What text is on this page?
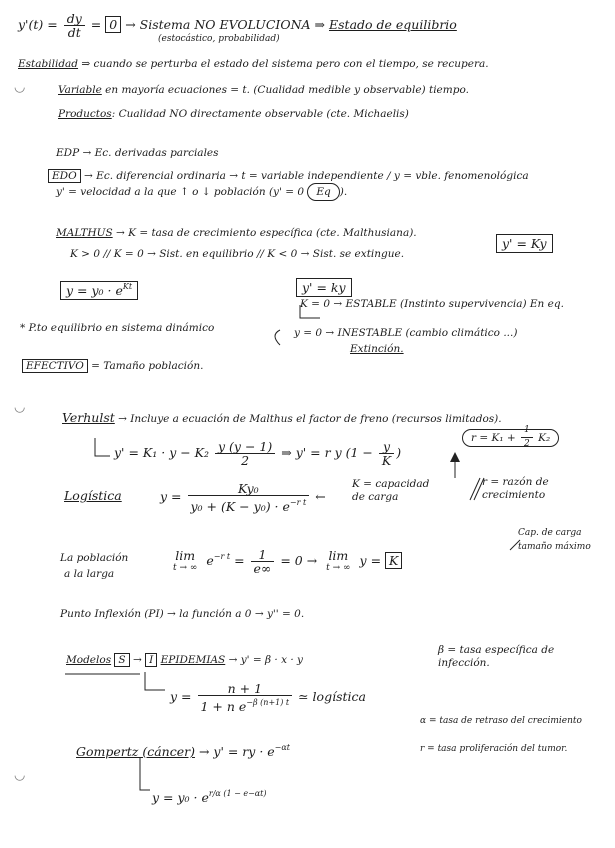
◡
◡
◡
$y'(t) = \frac{dy}{dt} = 0$ → Sistema NO EVOLUCIONA ⇒ Estado de equilibrio
(estocástico, probabilidad)
Estabilidad ⇒ cuando se perturba el estado del sistema pero con el tiempo, se recupera.
Variable en mayoría ecuaciones = t. (Cualidad medible y observable) tiempo.
Productos: Cualidad NO directamente observable (cte. Michaelis)
EDP → Ec. derivadas parciales
EDO → Ec. diferencial ordinaria → t = variable independiente / y = vble. fenomenológica
y' = velocidad a la que ↑ o ↓ población (y' = 0 Eq ).
MALTHUS → K = tasa de crecimiento específica (cte. Malthusiana).
K > 0 // K = 0 → Sist. en equilibrio // K < 0 → Sist. se extingue.
y' = Ky
$y = y_0 \cdot e^{Kt}$	y' = ky
K = 0 → ESTABLE (Instinto supervivencia) En eq.
* P.to equilibrio en sistema dinámico	y = 0 → INESTABLE (cambio climático ...)
Extinción.
EFECTIVO = Tamaño población.
Verhulst → Incluye a ecuación de Malthus el factor de freno (recursos limitados).
$y' = K_1 \cdot y - K_2 \frac{y (y - 1)}{2}$ ⇒ y' = r y ($1 - \frac{y}{K}$ )
$r = K_1 + \frac{1}{2} K_2$
Logística	$y = \frac{\text{Ky₀}}{y_0 + (K - y_0) \cdot e^{-r t}}$ ←
K = capacidad de carga
r = razón de crecimiento
La población
a la larga
lim
t → ∞ $e^{-r t} = \frac{1}{e\infty} = 0 \to \lim$
t → ∞ y = K
Cap. de carga
tamaño máximo
Punto Inflexión (PI) → la función a 0 → y'' = 0.
Modelos S → I EPIDEMIAS → y' = β · x · y
β = tasa específica de infección.
$y = \frac{n + 1}{1 + n e^{-\beta (n+1) t}}$ ≃ logística
Gompertz (cáncer) → y' = ry · $e^{-\alpha t}$
α = tasa de retraso del crecimiento
r = tasa proliferación del tumor.
$y = y_0 \cdot e^{r/\alpha (1 - e-\alpha t)}$
